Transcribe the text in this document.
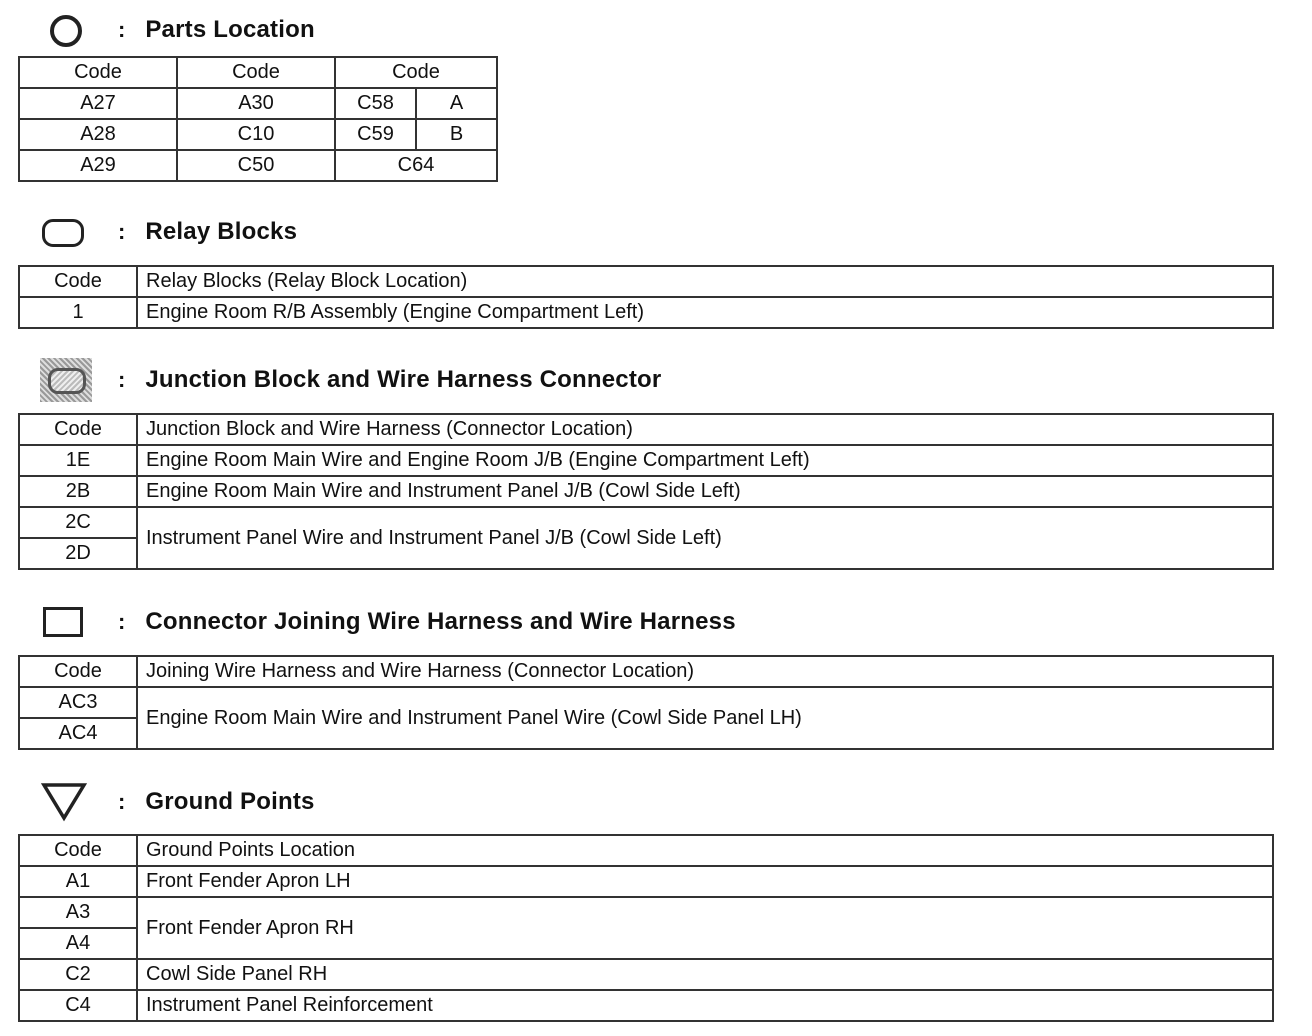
: Parts Location
Code	Code	Code	
A27	A30	C58	A
A28	C10	C59	B
A29	C50	C64	
: Relay Blocks
Code	Relay Blocks (Relay Block Location)
1	Engine Room R/B Assembly (Engine Compartment Left)
: Junction Block and Wire Harness Connector
Code	Junction Block and Wire Harness (Connector Location)
1E	Engine Room Main Wire and Engine Room J/B (Engine Compartment Left)
2B	Engine Room Main Wire and Instrument Panel J/B (Cowl Side Left)
2C	Instrument Panel Wire and Instrument Panel J/B (Cowl Side Left)
2D	
: Connector Joining Wire Harness and Wire Harness
Code	Joining Wire Harness and Wire Harness (Connector Location)
AC3	Engine Room Main Wire and Instrument Panel Wire (Cowl Side Panel LH)
AC4	
: Ground Points
Code	Ground Points Location
A1	Front Fender Apron LH
A3	Front Fender Apron RH
A4	
C2	Cowl Side Panel RH
C4	Instrument Panel Reinforcement
